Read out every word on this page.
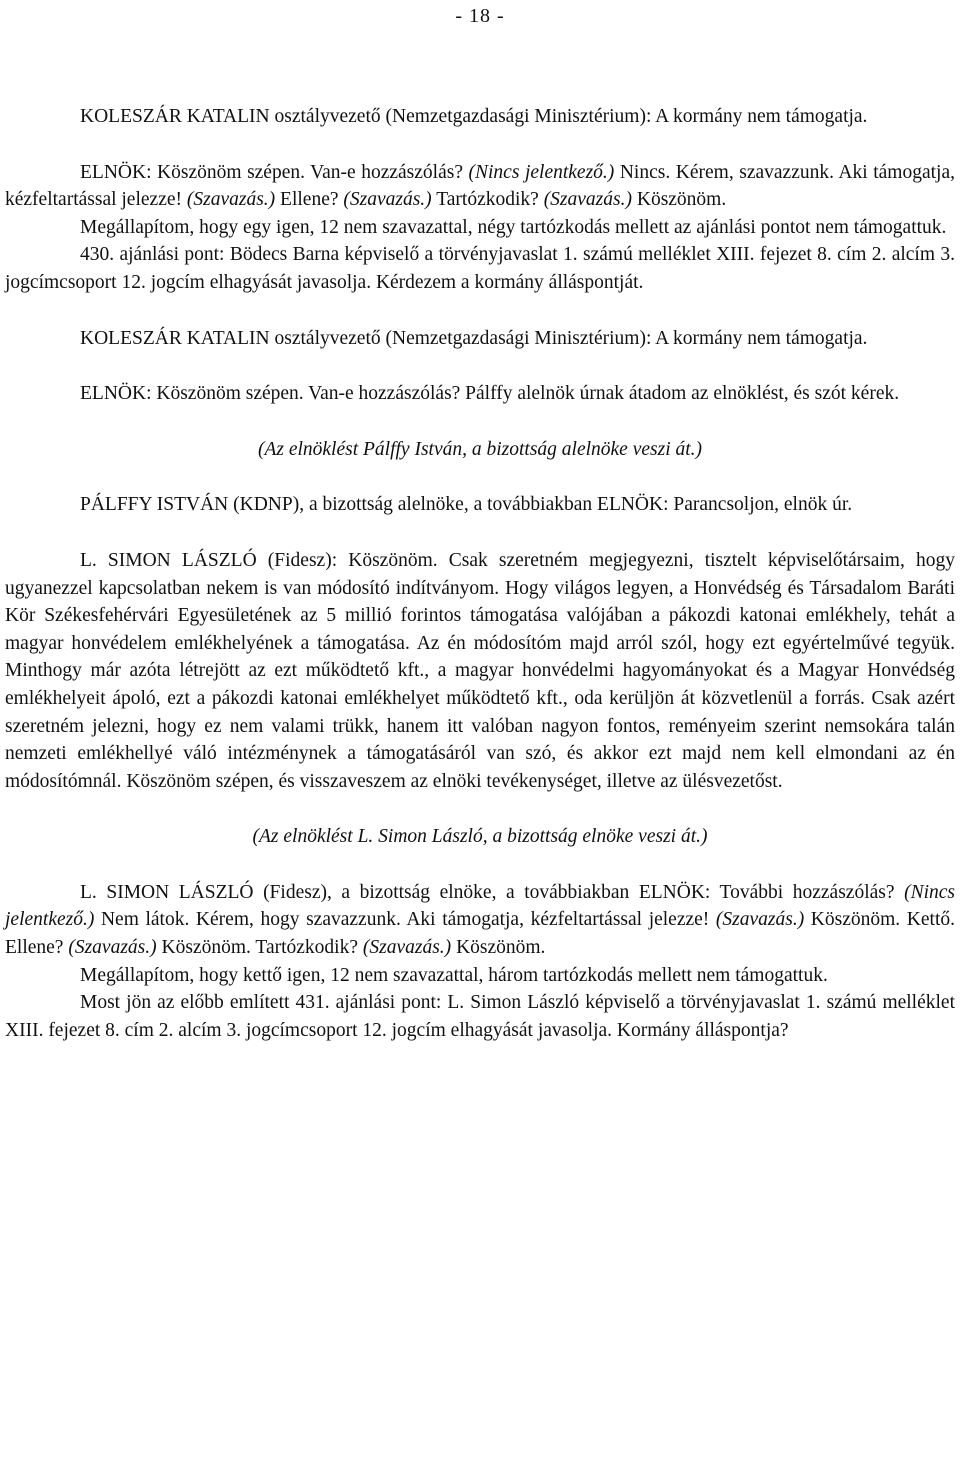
- 18 -

KOLESZÁR KATALIN osztályvezető (Nemzetgazdasági Minisztérium): A kormány nem támogatja.

ELNÖK: Köszönöm szépen. Van-e hozzászólás? (Nincs jelentkező.) Nincs. Kérem, szavazzunk. Aki támogatja, kézfeltartással jelezze! (Szavazás.) Ellene? (Szavazás.) Tartózkodik? (Szavazás.) Köszönöm.

Megállapítom, hogy egy igen, 12 nem szavazattal, négy tartózkodás mellett az ajánlási pontot nem támogattuk.

430. ajánlási pont: Bödecs Barna képviselő a törvényjavaslat 1. számú melléklet XIII. fejezet 8. cím 2. alcím 3. jogcímcsoport 12. jogcím elhagyását javasolja. Kérdezem a kormány álláspontját.

KOLESZÁR KATALIN osztályvezető (Nemzetgazdasági Minisztérium): A kormány nem támogatja.

ELNÖK: Köszönöm szépen. Van-e hozzászólás? Pálffy alelnök úrnak átadom az elnöklést, és szót kérek.

(Az elnöklést Pálffy István, a bizottság alelnöke veszi át.)

PÁLFFY ISTVÁN (KDNP), a bizottság alelnöke, a továbbiakban ELNÖK: Parancsoljon, elnök úr.

L. SIMON LÁSZLÓ (Fidesz): Köszönöm. Csak szeretném megjegyezni, tisztelt képviselőtársaim, hogy ugyanezzel kapcsolatban nekem is van módosító indítványom. Hogy világos legyen, a Honvédség és Társadalom Baráti Kör Székesfehérvári Egyesületének az 5 millió forintos támogatása valójában a pákozdi katonai emlékhely, tehát a magyar honvédelem emlékhelyének a támogatása. Az én módosítóm majd arról szól, hogy ezt egyértelművé tegyük. Minthogy már azóta létrejött az ezt működtető kft., a magyar honvédelmi hagyományokat és a Magyar Honvédség emlékhelyeit ápoló, ezt a pákozdi katonai emlékhelyet működtető kft., oda kerüljön át közvetlenül a forrás. Csak azért szeretném jelezni, hogy ez nem valami trükk, hanem itt valóban nagyon fontos, reményeim szerint nemsokára talán nemzeti emlékhellyé váló intézménynek a támogatásáról van szó, és akkor ezt majd nem kell elmondani az én módosítómnál. Köszönöm szépen, és visszaveszem az elnöki tevékenységet, illetve az ülésvezetőst.

(Az elnöklést L. Simon László, a bizottság elnöke veszi át.)

L. SIMON LÁSZLÓ (Fidesz), a bizottság elnöke, a továbbiakban ELNÖK: További hozzászólás? (Nincs jelentkező.) Nem látok. Kérem, hogy szavazzunk. Aki támogatja, kézfeltartással jelezze! (Szavazás.) Köszönöm. Kettő. Ellene? (Szavazás.) Köszönöm. Tartózkodik? (Szavazás.) Köszönöm.

Megállapítom, hogy kettő igen, 12 nem szavazattal, három tartózkodás mellett nem támogattuk.

Most jön az előbb említett 431. ajánlási pont: L. Simon László képviselő a törvényjavaslat 1. számú melléklet XIII. fejezet 8. cím 2. alcím 3. jogcímcsoport 12. jogcím elhagyását javasolja. Kormány álláspontja?
